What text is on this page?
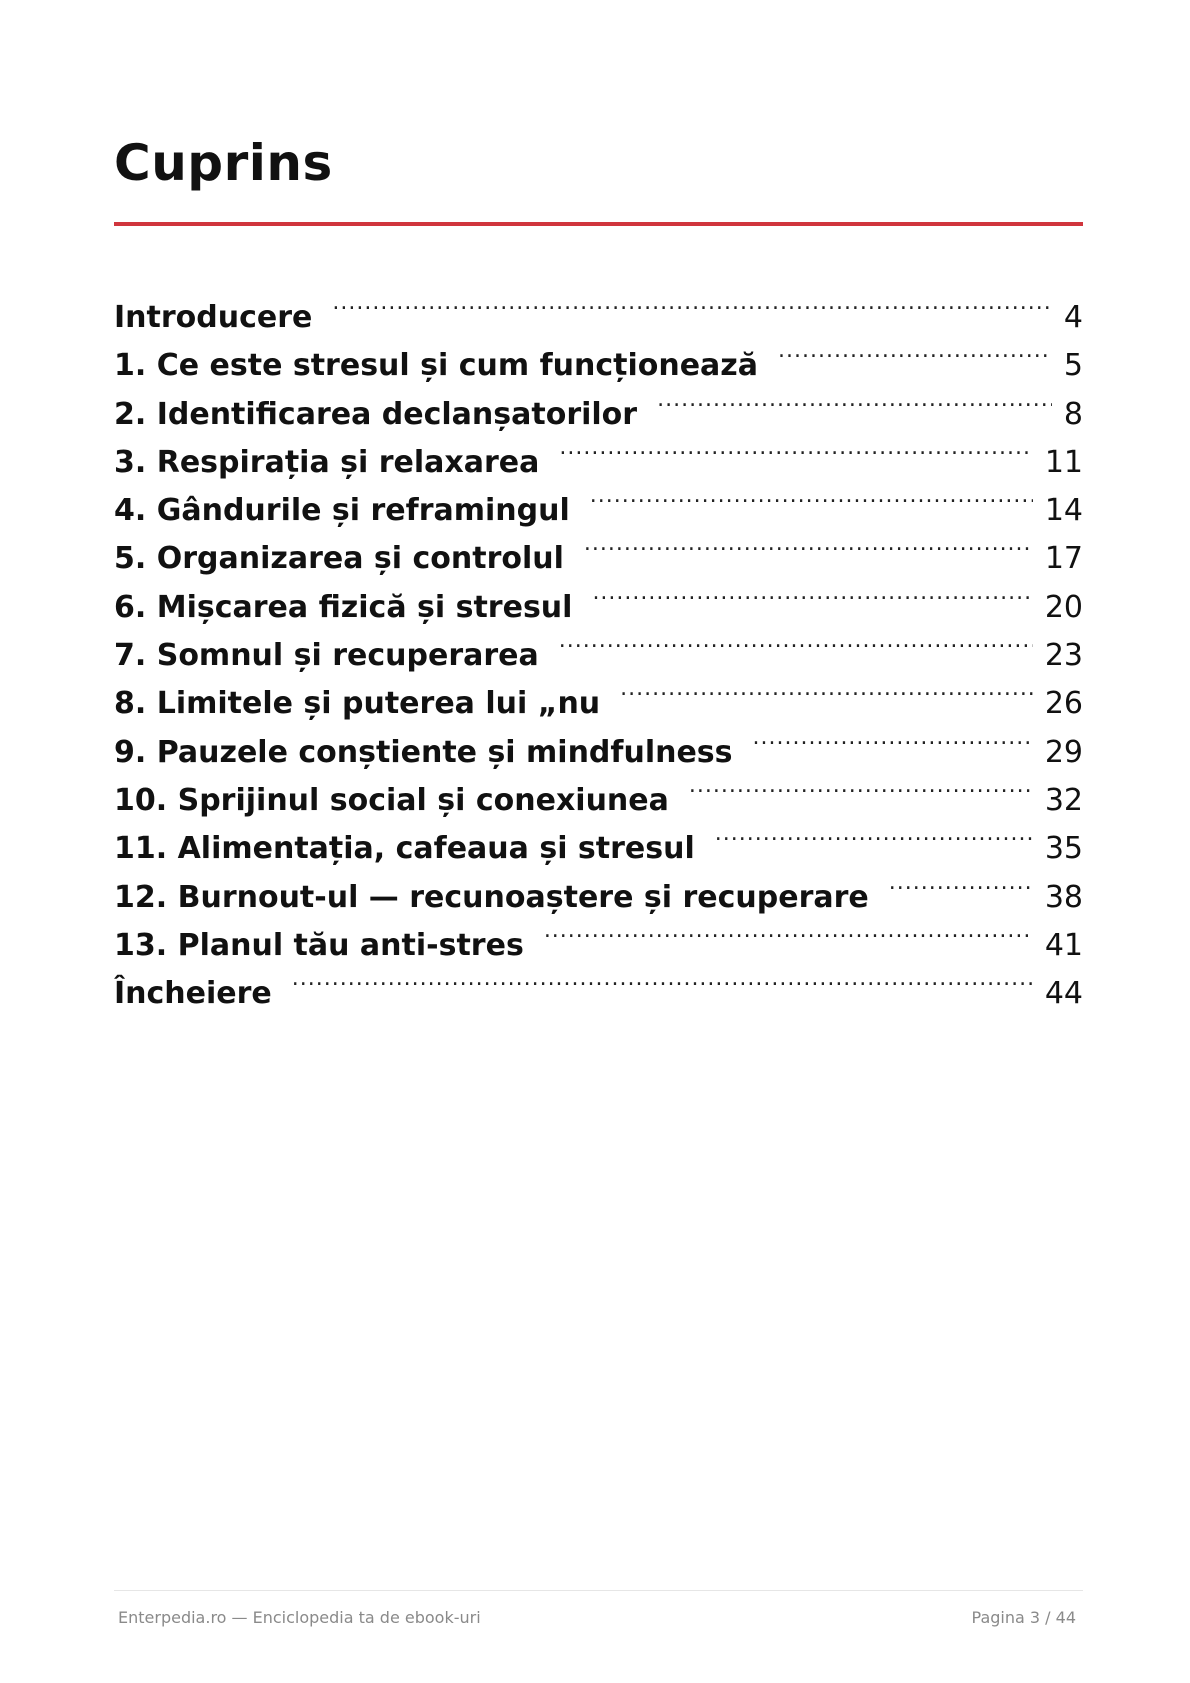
Cuprins
Introducere .....	4
1. Ce este stresul și cum funcționează .....	5
2. Identificarea declanșatorilor .....	8
3. Respirația și relaxarea .....	11
4. Gândurile și reframingul .....	14
5. Organizarea și controlul .....	17
6. Mișcarea fizică și stresul .....	20
7. Somnul și recuperarea .....	23
8. Limitele și puterea lui „nu .....	26
9. Pauzele conștiente și mindfulness .....	29
10. Sprijinul social și conexiunea .....	32
11. Alimentația, cafeaua și stresul .....	35
12. Burnout-ul — recunoaștere și recuperare .....	38
13. Planul tău anti-stres .....	41
Încheiere .....	44
Enterpedia.ro — Enciclopedia ta de ebook-uri	Pagina 3 / 44
